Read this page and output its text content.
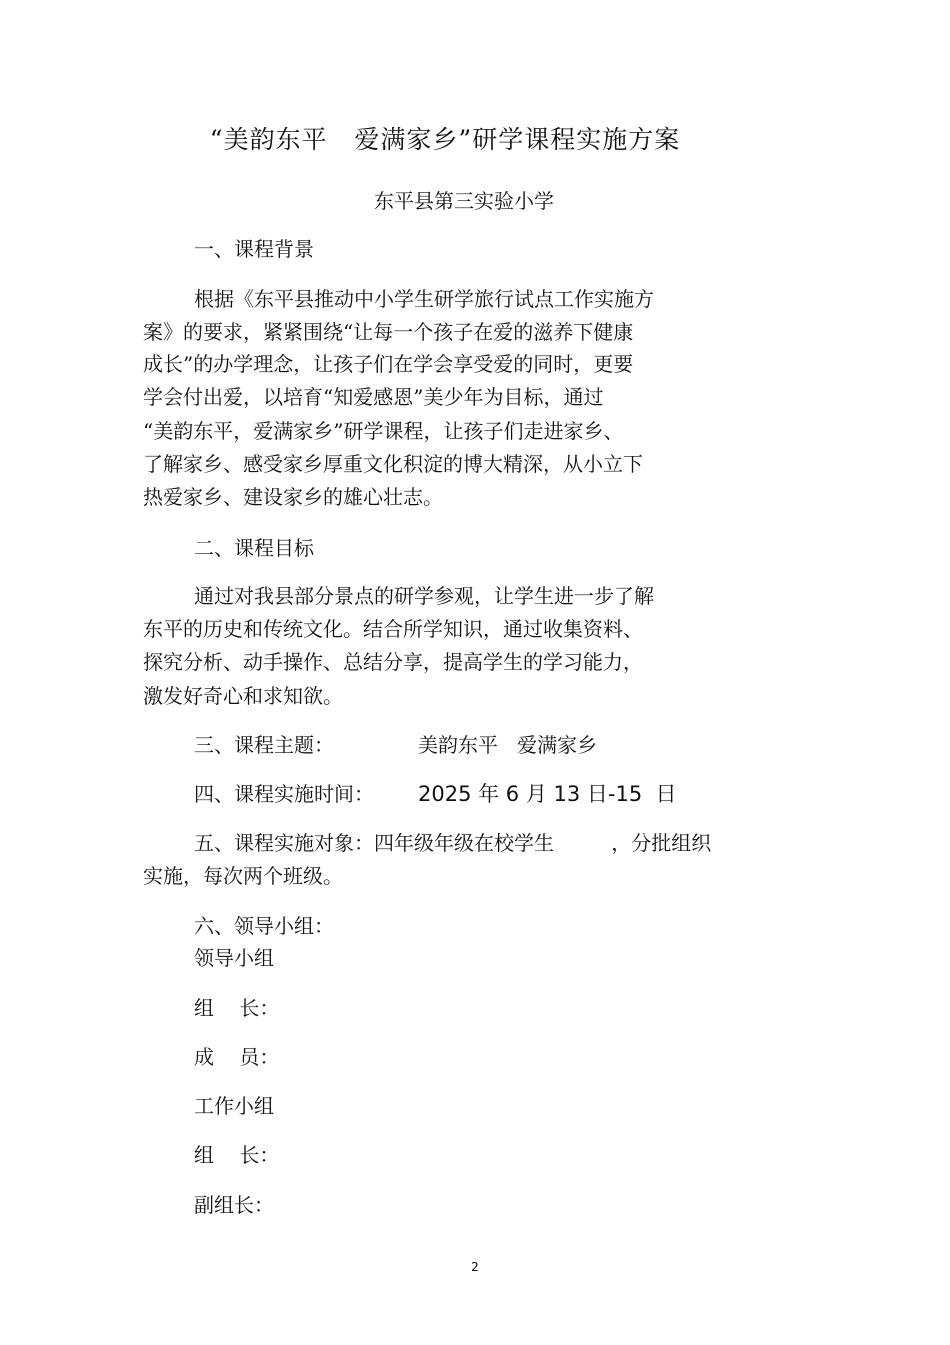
“美韵东平   爱满家乡”研学课程实施方案
东平县第三实验小学
一、课程背景
根据《东平县推动中小学生研学旅行试点工作实施方
案》的要求，紧紧围绕“让每一个孩子在爱的滋养下健康
成长”的办学理念，让孩子们在学会享受爱的同时，更要
学会付出爱，以培育“知爱感恩”美少年为目标，通过
“美韵东平，爱满家乡”研学课程，让孩子们走进家乡、
了解家乡、感受家乡厚重文化积淀的博大精深，从小立下
热爱家乡、建设家乡的雄心壮志。
二、课程目标
通过对我县部分景点的研学参观，让学生进一步了解
东平的历史和传统文化。结合所学知识，通过收集资料、
探究分析、动手操作、总结分享，提高学生的学习能力，
激发好奇心和求知欲。
三、课程主题：	美韵东平   爱满家乡
四、课程实施时间： 2025 年 6 月 13 日-15  日
五、课程实施对象：四年级年级在校学生         ，分批组织
实施，每次两个班级。
六、领导小组：
领导小组
组    长：
成    员：
工作小组
组    长：
副组长：
2
